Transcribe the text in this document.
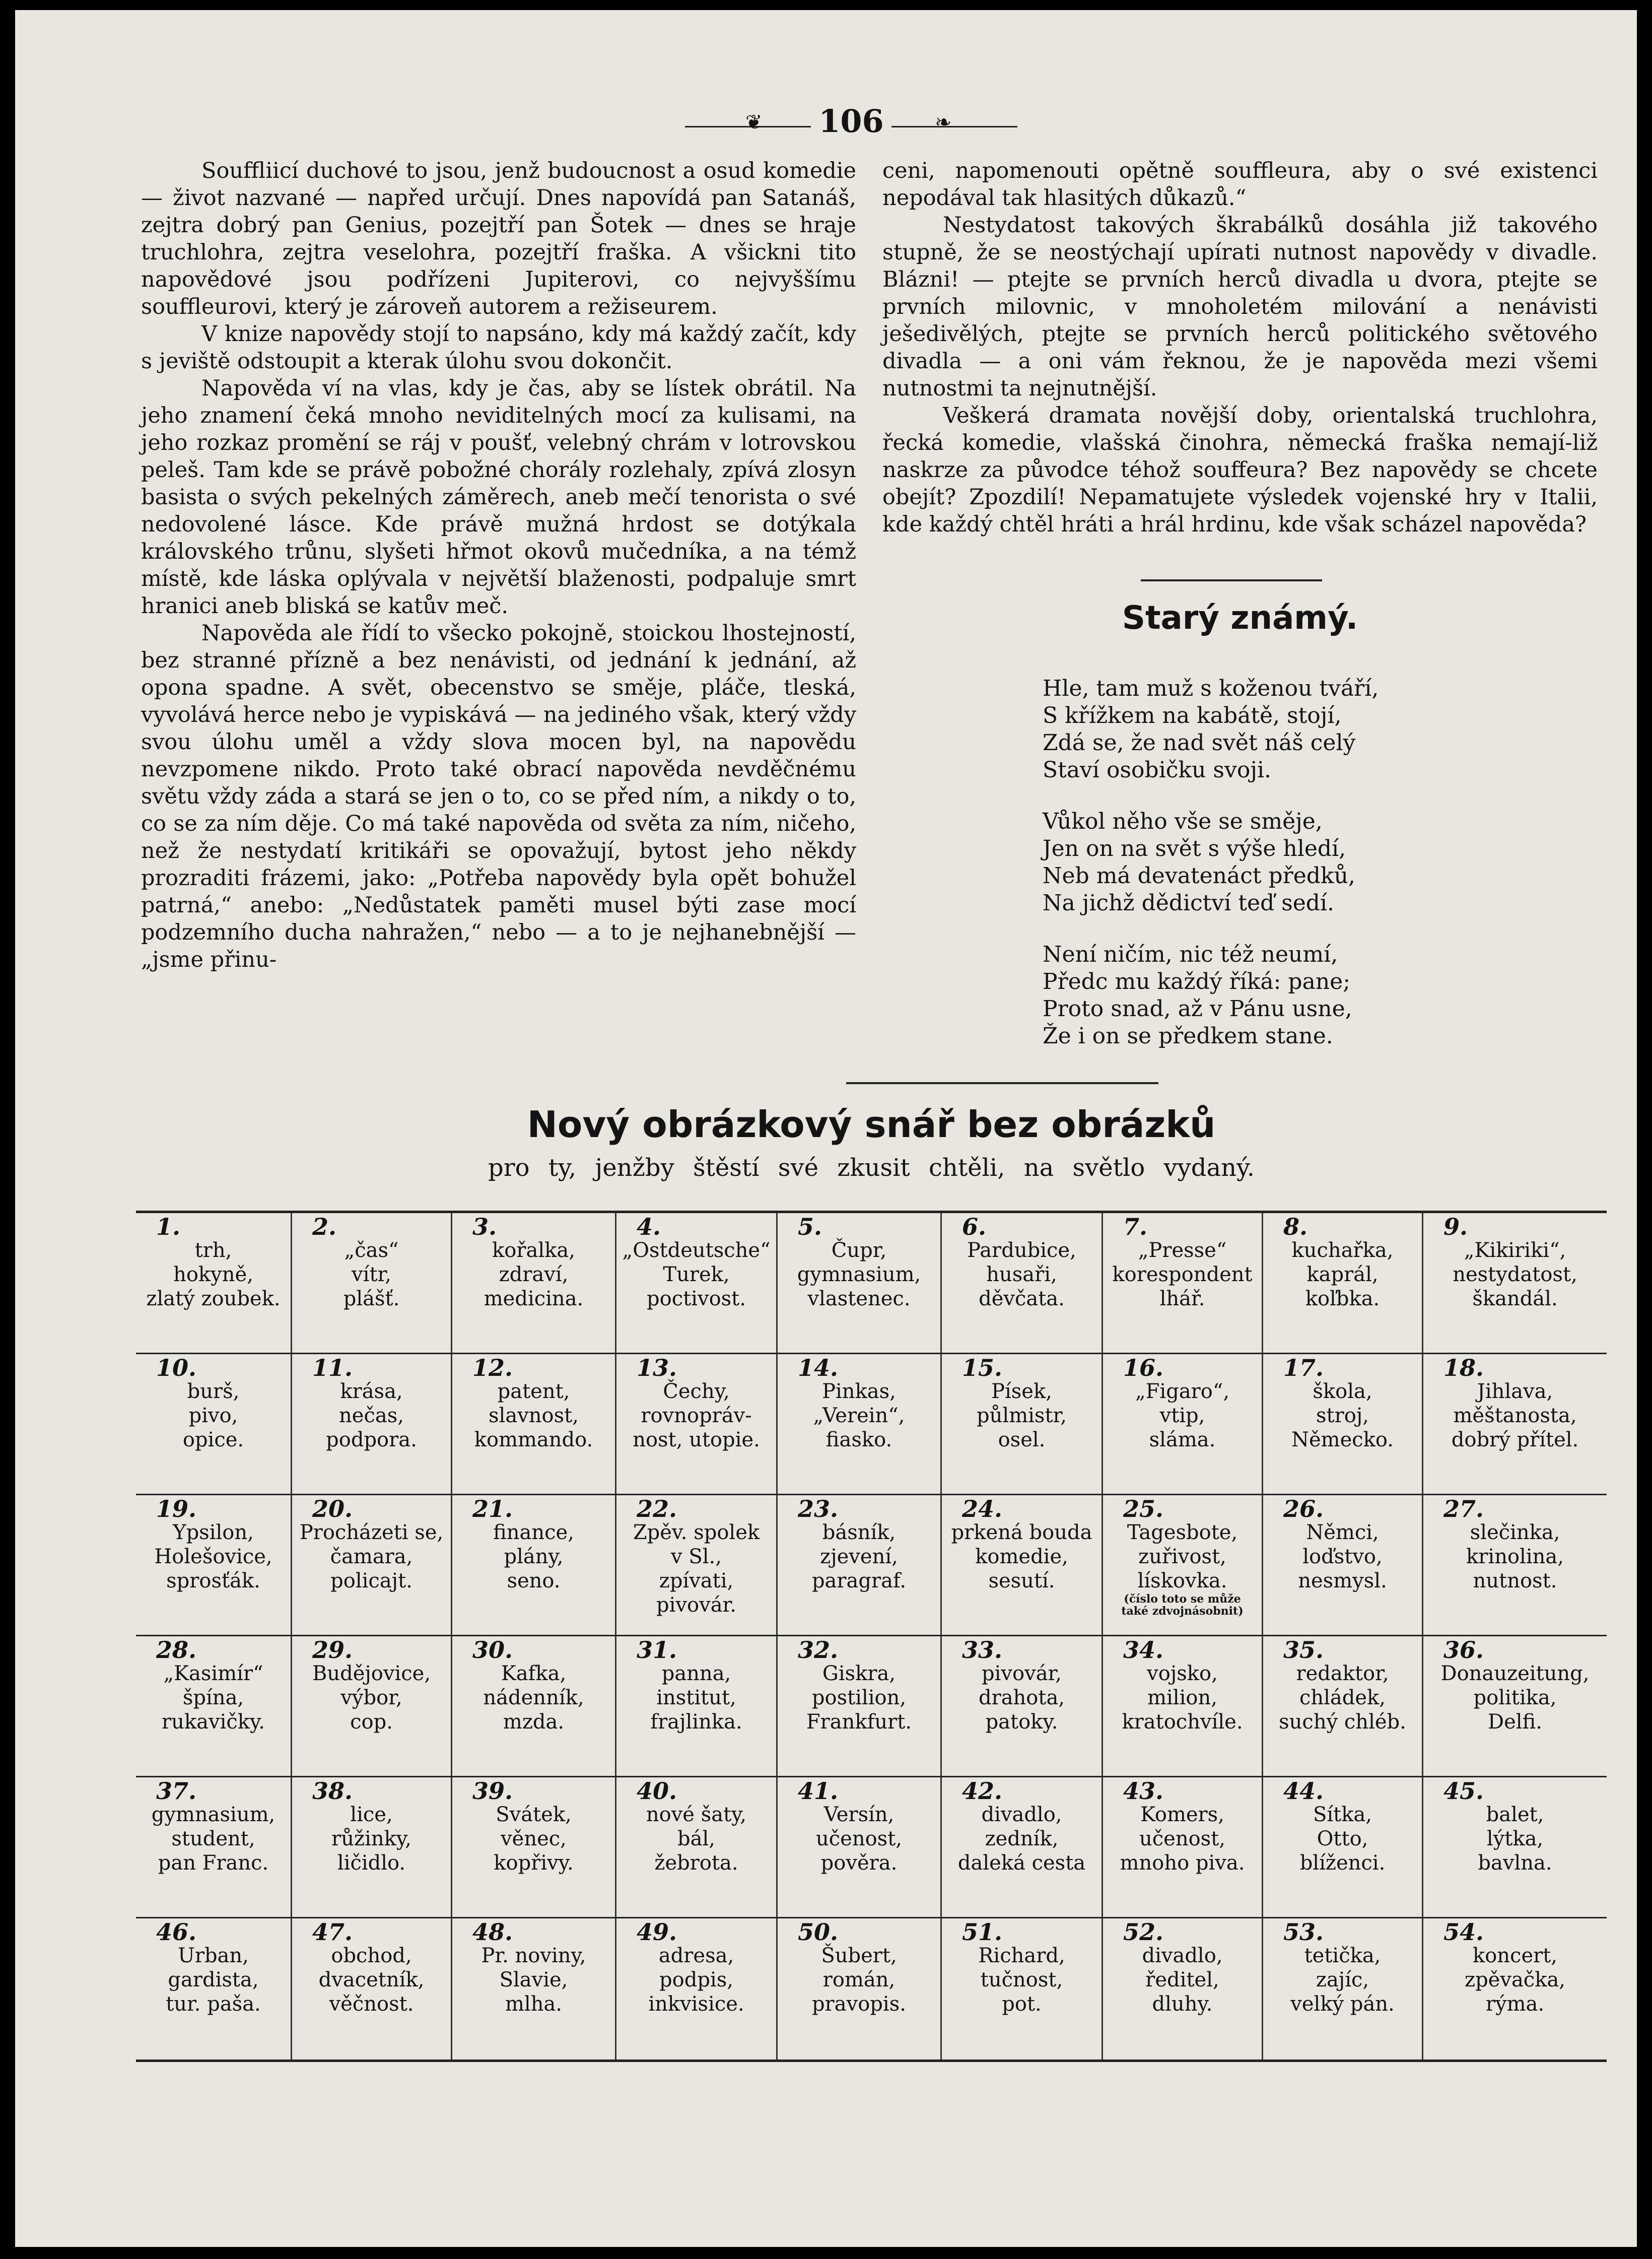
❦	106	❧

Souffliicí duchové to jsou, jenž budoucnost a osud komedie — život nazvané — napřed určují. Dnes napovídá pan Satanáš, zejtra dobrý pan Genius, pozejtří pan Šotek — dnes se hraje truchlohra, zejtra veselohra, pozejtří fraška. A všickni tito napovědové jsou podřízeni Jupiterovi, co nejvyššímu souffleurovi, který je zároveň autorem a režiseurem.

V knize napovědy stojí to napsáno, kdy má každý začít, kdy s jeviště odstoupit a kterak úlohu svou dokončit.

Napověda ví na vlas, kdy je čas, aby se lístek obrátil. Na jeho znamení čeká mnoho neviditelných mocí za kulisami, na jeho rozkaz promění se ráj v poušť, velebný chrám v lotrovskou peleš. Tam kde se právě pobožné chorály rozlehaly, zpívá zlosyn basista o svých pekelných záměrech, aneb mečí tenorista o své nedovolené lásce. Kde právě mužná hrdost se dotýkala královského trůnu, slyšeti hřmot okovů mučedníka, a na témž místě, kde láska oplývala v největší blaženosti, podpaluje smrt hranici aneb bliská se katův meč.

Napověda ale řídí to všecko pokojně, stoickou lhostejností, bez stranné přízně a bez nenávisti, od jednání k jednání, až opona spadne. A svět, obecenstvo se směje, pláče, tleská, vyvolává herce nebo je vypiskává — na jediného však, který vždy svou úlohu uměl a vždy slova mocen byl, na napovědu nevzpomene nikdo. Proto také obrací napověda nevděčnému světu vždy záda a stará se jen o to, co se před ním, a nikdy o to, co se za ním děje. Co má také napověda od světa za ním, ničeho, než že nestydatí kritikáři se opovažují, bytost jeho někdy prozraditi frázemi, jako: „Potřeba napovědy byla opět bohužel patrná,“ anebo: „Nedůstatek paměti musel býti zase mocí podzemního ducha nahražen,“ nebo — a to je nejhanebnější — „jsme přinu-

ceni, napomenouti opětně souffleura, aby o své existenci nepodával tak hlasitých důkazů.“

Nestydatost takových škrabálků dosáhla již takového stupně, že se neostýchají upírati nutnost napovědy v divadle. Blázni! — ptejte se prvních herců divadla u dvora, ptejte se prvních milovnic, v mnoholetém milování a nenávisti ješedivělých, ptejte se prvních herců politického světového divadla — a oni vám řeknou, že je napověda mezi všemi nutnostmi ta nejnutnější.

Veškerá dramata novější doby, orientalská truchlohra, řecká komedie, vlašská činohra, německá fraška nemají-liž naskrze za původce téhož souffeura? Bez napovědy se chcete obejít? Zpozdilí! Nepamatujete výsledek vojenské hry v Italii, kde každý chtěl hráti a hrál hrdinu, kde však scházel napověda?

Starý známý.
Hle, tam muž s koženou tváří,
S křížkem na kabátě, stojí,
Zdá se, že nad svět náš celý
Staví osobičku svoji.
Vůkol něho vše se směje,
Jen on na svět s výše hledí,
Neb má devatenáct předků,
Na jichž dědictví teď sedí.
Není ničím, nic též neumí,
Předc mu každý říká: pane;
Proto snad, až v Pánu usne,
Že i on se předkem stane.
Nový obrázkový snář bez obrázků
pro ty, jenžby štěstí své zkusit chtěli, na světlo vydaný.
1.
trh,
hokyně,
zlatý zoubek.
2.
„čas“
vítr,
plášť.
3.
kořalka,
zdraví,
medicina.
4.
„Ostdeutsche“
Turek,
poctivost.
5.
Čupr,
gymnasium,
vlastenec.
6.
Pardubice,
husaři,
děvčata.
7.
„Presse“
korespondent
lhář.
8.
kuchařka,
kaprál,
koľbka.
9.
„Kikiriki“,
nestydatost,
škandál.
10.
burš,
pivo,
opice.
11.
krása,
nečas,
podpora.
12.
patent,
slavnost,
kommando.
13.
Čechy,
rovnopráv-
nost, utopie.
14.
Pinkas,
„Verein“,
fiasko.
15.
Písek,
půlmistr,
osel.
16.
„Figaro“,
vtip,
sláma.
17.
škola,
stroj,
Německo.
18.
Jihlava,
měštanosta,
dobrý přítel.
19.
Ypsilon,
Holešovice,
sprosťák.
20.
Procházeti se,
čamara,
policajt.
21.
finance,
plány,
seno.
22.
Zpěv. spolek
v Sl.,
zpívati,
pivovár.
23.
básník,
zjevení,
paragraf.
24.
prkená bouda
komedie,
sesutí.
25.
Tagesbote,
zuřivost,
lískovka.
(číslo toto se může
také zdvojnásobnit)
26.
Němci,
loďstvo,
nesmysl.
27.
slečinka,
krinolina,
nutnost.
28.
„Kasimír“
špína,
rukavičky.
29.
Budějovice,
výbor,
cop.
30.
Kafka,
nádenník,
mzda.
31.
panna,
institut,
frajlinka.
32.
Giskra,
postilion,
Frankfurt.
33.
pivovár,
drahota,
patoky.
34.
vojsko,
milion,
kratochvíle.
35.
redaktor,
chládek,
suchý chléb.
36.
Donauzeitung,
politika,
Delfi.
37.
gymnasium,
student,
pan Franc.
38.
lice,
růžinky,
ličidlo.
39.
Svátek,
věnec,
kopřivy.
40.
nové šaty,
bál,
žebrota.
41.
Versín,
učenost,
pověra.
42.
divadlo,
zedník,
daleká cesta
43.
Komers,
učenost,
mnoho piva.
44.
Sítka,
Otto,
blíženci.
45.
balet,
lýtka,
bavlna.
46.
Urban,
gardista,
tur. paša.
47.
obchod,
dvacetník,
věčnost.
48.
Pr. noviny,
Slavie,
mlha.
49.
adresa,
podpis,
inkvisice.
50.
Šubert,
román,
pravopis.
51.
Richard,
tučnost,
pot.
52.
divadlo,
ředitel,
dluhy.
53.
tetička,
zajíc,
velký pán.
54.
koncert,
zpěvačka,
rýma.
